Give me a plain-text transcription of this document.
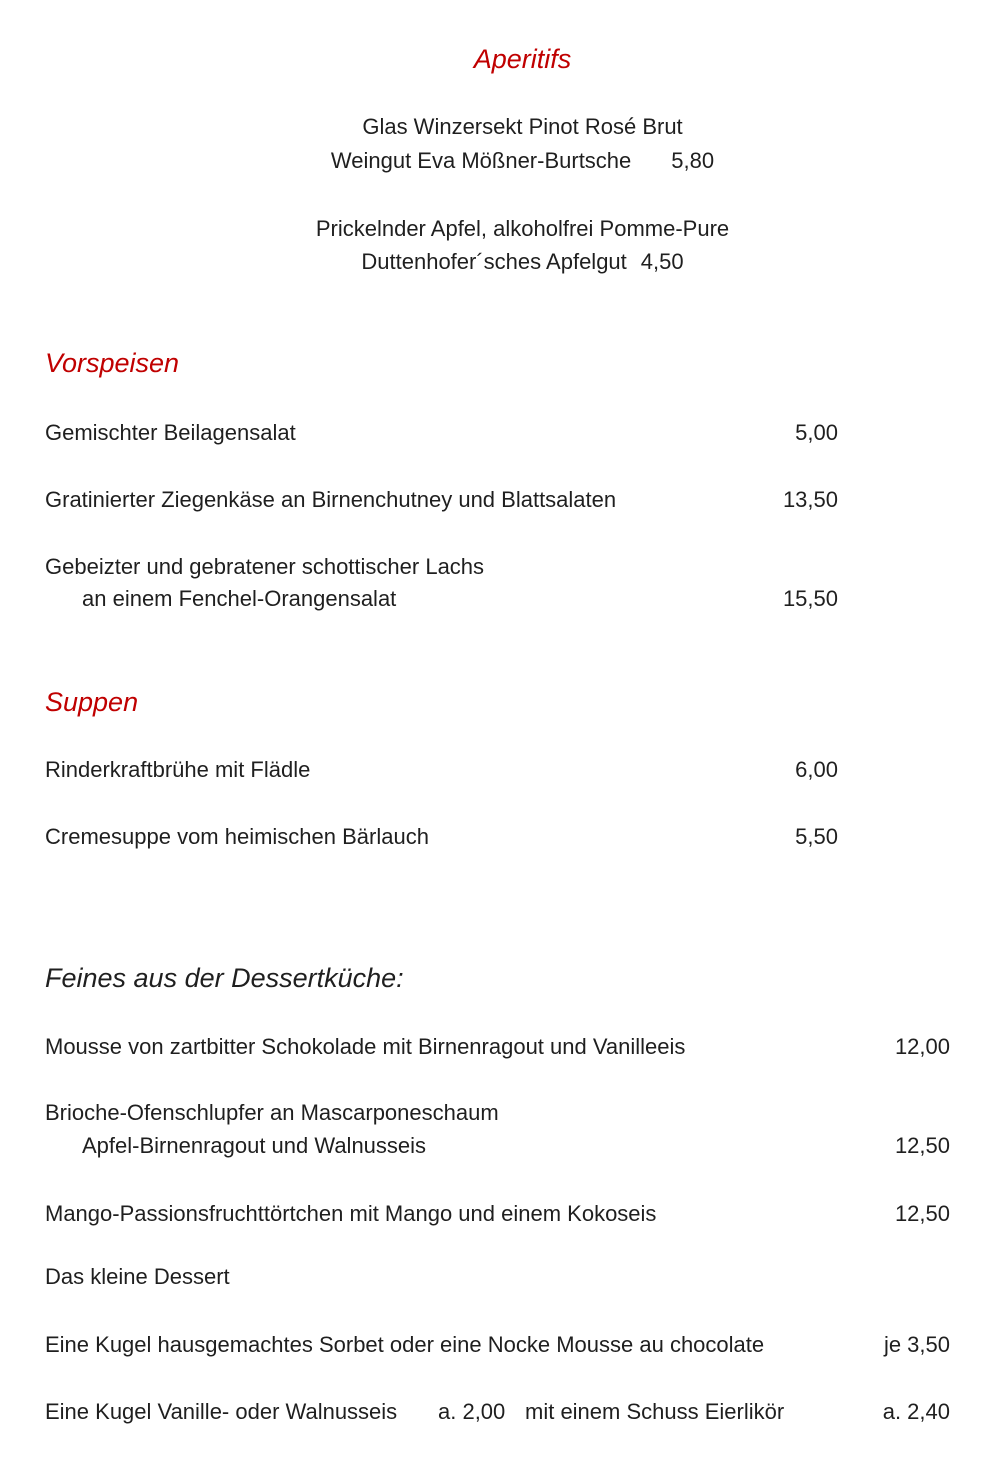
Aperitifs
Glas Winzersekt Pinot Rosé Brut
Weingut Eva Mößner-Burtsche 5,80
Prickelnder Apfel, alkoholfrei Pomme-Pure
Duttenhofer´sches Apfelgut 4,50
Vorspeisen
Gemischter Beilagensalat	5,00
Gratinierter Ziegenkäse an Birnenchutney und Blattsalaten	13,50
Gebeizter und gebratener schottischer Lachs
an einem Fenchel-Orangensalat	15,50
Suppen
Rinderkraftbrühe mit Flädle	6,00
Cremesuppe vom heimischen Bärlauch	5,50
Feines aus der Dessertküche:
Mousse von zartbitter Schokolade mit Birnenragout und Vanilleeis	12,00
Brioche-Ofenschlupfer an Mascarponeschaum
Apfel-Birnenragout und Walnusseis	12,50
Mango-Passionsfruchttörtchen mit Mango und einem Kokoseis	12,50
Das kleine Dessert
Eine Kugel hausgemachtes Sorbet oder eine Nocke Mousse au chocolate	je 3,50
Eine Kugel Vanille- oder Walnusseis a. 2,00 mit einem Schuss Eierlikör	a. 2,40
